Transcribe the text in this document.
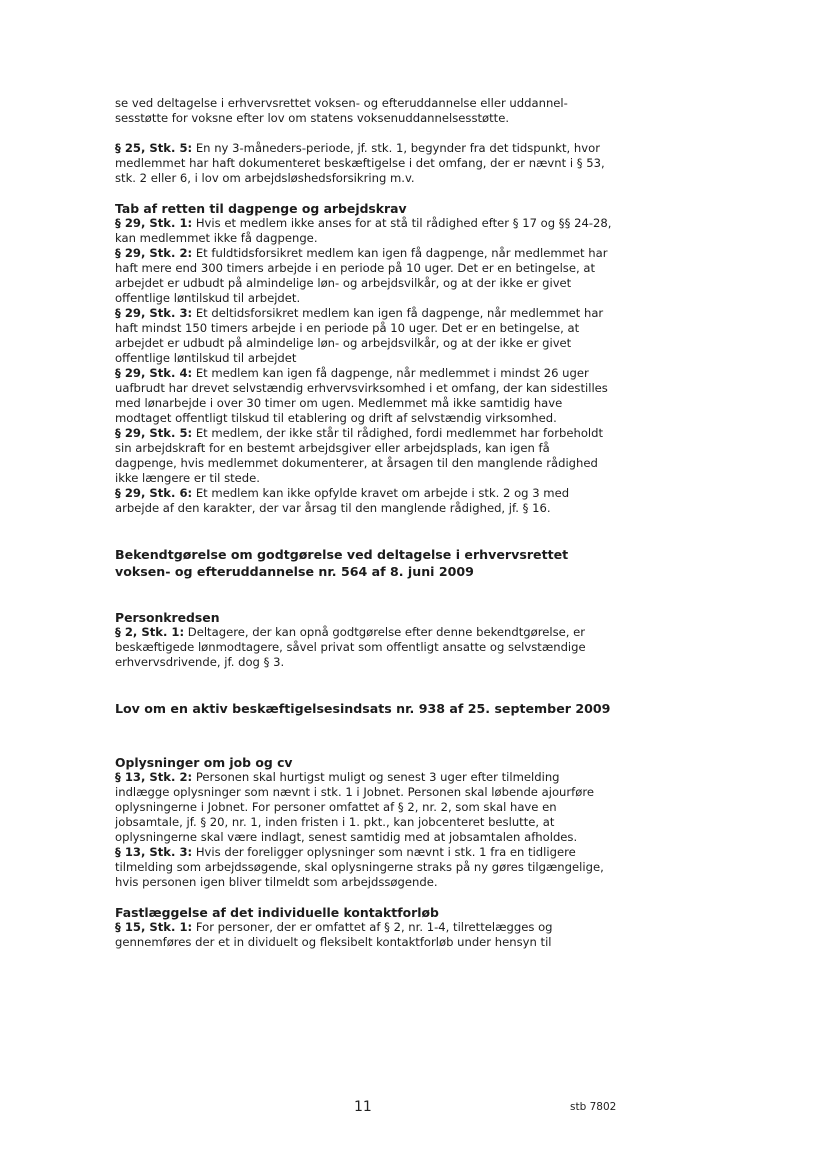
se ved deltagelse i erhvervsrettet voksen- og efteruddannelse eller uddannel-
sesstøtte for voksne efter lov om statens voksenuddannelsesstøtte.

§ 25, Stk. 5: En ny 3-måneders-periode, jf. stk. 1, begynder fra det tidspunkt, hvor medlemmet har haft dokumenteret beskæftigelse i det omfang, der er nævnt i § 53, stk. 2 eller 6, i lov om arbejdsløshedsforsikring m.v.

Tab af retten til dagpenge og arbejdskrav

§ 29, Stk. 1: Hvis et medlem ikke anses for at stå til rådighed efter § 17 og §§ 24-28, kan medlemmet ikke få dagpenge.

§ 29, Stk. 2: Et fuldtidsforsikret medlem kan igen få dagpenge, når medlemmet har haft mere end 300 timers arbejde i en periode på 10 uger. Det er en betingelse, at arbejdet er udbudt på almindelige løn- og arbejdsvilkår, og at der ikke er givet offentlige løntilskud til arbejdet.

§ 29, Stk. 3: Et deltidsforsikret medlem kan igen få dagpenge, når medlemmet har haft mindst 150 timers arbejde i en periode på 10 uger. Det er en betingelse, at arbejdet er udbudt på almindelige løn- og arbejdsvilkår, og at der ikke er givet offentlige løntilskud til arbejdet

§ 29, Stk. 4: Et medlem kan igen få dagpenge, når medlemmet i mindst 26 uger uafbrudt har drevet selvstændig erhvervsvirksomhed i et omfang, der kan sidestilles med lønarbejde i over 30 timer om ugen. Medlemmet må ikke samtidig have modtaget offentligt tilskud til etablering og drift af selvstændig virksomhed.

§ 29, Stk. 5: Et medlem, der ikke står til rådighed, fordi medlemmet har forbeholdt sin arbejdskraft for en bestemt arbejdsgiver eller arbejdsplads, kan igen få dagpenge, hvis medlemmet dokumenterer, at årsagen til den manglende rådighed ikke længere er til stede.

§ 29, Stk. 6: Et medlem kan ikke opfylde kravet om arbejde i stk. 2 og 3 med arbejde af den karakter, der var årsag til den manglende rådighed, jf. § 16.

Bekendtgørelse om godtgørelse ved deltagelse i erhvervsrettet voksen- og efteruddannelse nr. 564 af 8. juni 2009

Personkredsen

§ 2, Stk. 1: Deltagere, der kan opnå godtgørelse efter denne bekendtgørelse, er beskæftigede lønmodtagere, såvel privat som offentligt ansatte og selvstændige erhvervsdrivende, jf. dog § 3.

Lov om en aktiv beskæftigelsesindsats nr. 938 af 25. september 2009

Oplysninger om job og cv

§ 13, Stk. 2: Personen skal hurtigst muligt og senest 3 uger efter tilmelding indlægge oplysninger som nævnt i stk. 1 i Jobnet. Personen skal løbende ajourføre oplysningerne i Jobnet. For personer omfattet af § 2, nr. 2, som skal have en jobsamtale, jf. § 20, nr. 1, inden fristen i 1. pkt., kan jobcenteret beslutte, at oplysningerne skal være indlagt, senest samtidig med at jobsamtalen afholdes.

§ 13, Stk. 3: Hvis der foreligger oplysninger som nævnt i stk. 1 fra en tidligere tilmelding som arbejdssøgende, skal oplysningerne straks på ny gøres tilgængelige, hvis personen igen bliver tilmeldt som arbejdssøgende.

Fastlæggelse af det individuelle kontaktforløb

§ 15, Stk. 1: For personer, der er omfattet af § 2, nr. 1-4, tilrettelægges og gennemføres der et in dividuelt og fleksibelt kontaktforløb under hensyn til

11	stb 7802
